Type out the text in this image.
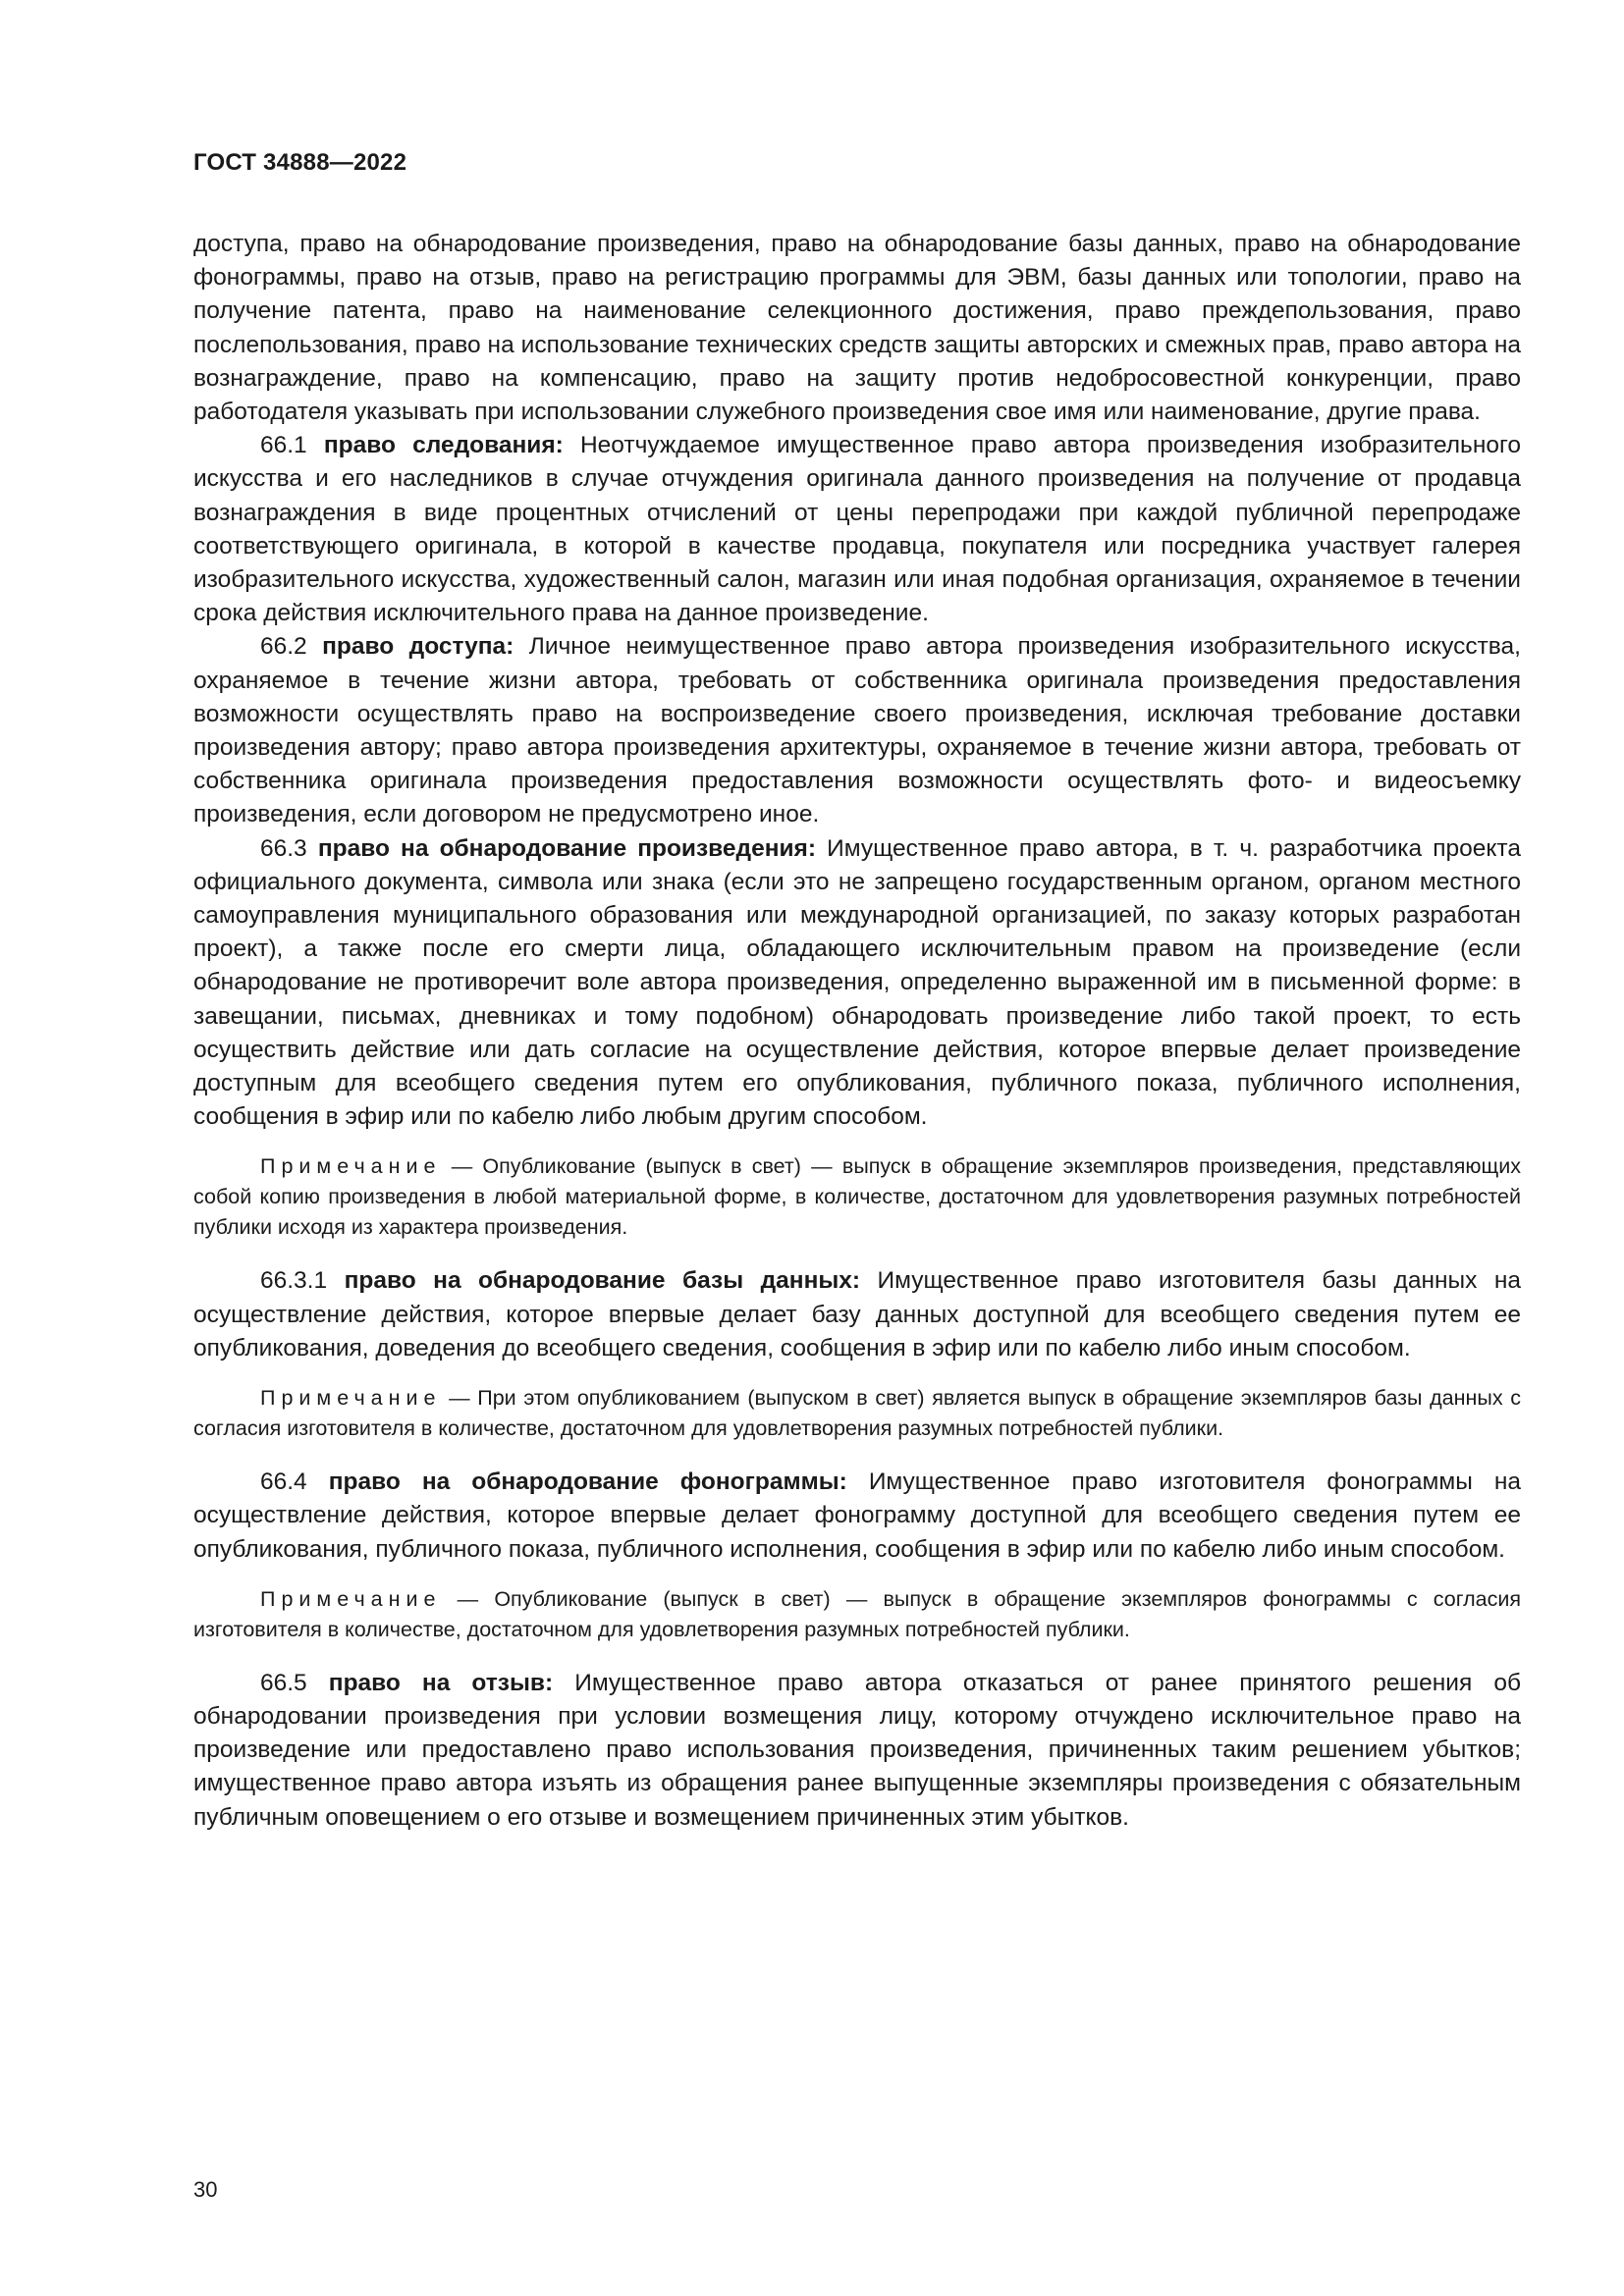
ГОСТ 34888—2022

доступа, право на обнародование произведения, право на обнародование базы данных, право на обнародование фонограммы, право на отзыв, право на регистрацию программы для ЭВМ, базы данных или топологии, право на получение патента, право на наименование селекционного достижения, право преждепользования, право послепользования, право на использование технических средств защиты авторских и смежных прав, право автора на вознаграждение, право на компенсацию, право на защиту против недобросовестной конкуренции, право работодателя указывать при использовании служебного произведения свое имя или наименование, другие права.

66.1 право следования: Неотчуждаемое имущественное право автора произведения изобразительного искусства и его наследников в случае отчуждения оригинала данного произведения на получение от продавца вознаграждения в виде процентных отчислений от цены перепродажи при каждой публичной перепродаже соответствующего оригинала, в которой в качестве продавца, покупателя или посредника участвует галерея изобразительного искусства, художественный салон, магазин или иная подобная организация, охраняемое в течении срока действия исключительного права на данное произведение.

66.2 право доступа: Личное неимущественное право автора произведения изобразительного искусства, охраняемое в течение жизни автора, требовать от собственника оригинала произведения предоставления возможности осуществлять право на воспроизведение своего произведения, исключая требование доставки произведения автору; право автора произведения архитектуры, охраняемое в течение жизни автора, требовать от собственника оригинала произведения предоставления возможности осуществлять фото- и видеосъемку произведения, если договором не предусмотрено иное.

66.3 право на обнародование произведения: Имущественное право автора, в т. ч. разработчика проекта официального документа, символа или знака (если это не запрещено государственным органом, органом местного самоуправления муниципального образования или международной организацией, по заказу которых разработан проект), а также после его смерти лица, обладающего исключительным правом на произведение (если обнародование не противоречит воле автора произведения, определенно выраженной им в письменной форме: в завещании, письмах, дневниках и тому подобном) обнародовать произведение либо такой проект, то есть осуществить действие или дать согласие на осуществление действия, которое впервые делает произведение доступным для всеобщего сведения путем его опубликования, публичного показа, публичного исполнения, сообщения в эфир или по кабелю либо любым другим способом.

Примечание — Опубликование (выпуск в свет) — выпуск в обращение экземпляров произведения, представляющих собой копию произведения в любой материальной форме, в количестве, достаточном для удовлетворения разумных потребностей публики исходя из характера произведения.

66.3.1 право на обнародование базы данных: Имущественное право изготовителя базы данных на осуществление действия, которое впервые делает базу данных доступной для всеобщего сведения путем ее опубликования, доведения до всеобщего сведения, сообщения в эфир или по кабелю либо иным способом.

Примечание — При этом опубликованием (выпуском в свет) является выпуск в обращение экземпляров базы данных с согласия изготовителя в количестве, достаточном для удовлетворения разумных потребностей публики.

66.4 право на обнародование фонограммы: Имущественное право изготовителя фонограммы на осуществление действия, которое впервые делает фонограмму доступной для всеобщего сведения путем ее опубликования, публичного показа, публичного исполнения, сообщения в эфир или по кабелю либо иным способом.

Примечание — Опубликование (выпуск в свет) — выпуск в обращение экземпляров фонограммы с согласия изготовителя в количестве, достаточном для удовлетворения разумных потребностей публики.

66.5 право на отзыв: Имущественное право автора отказаться от ранее принятого решения об обнародовании произведения при условии возмещения лицу, которому отчуждено исключительное право на произведение или предоставлено право использования произведения, причиненных таким решением убытков; имущественное право автора изъять из обращения ранее выпущенные экземпляры произведения с обязательным публичным оповещением о его отзыве и возмещением причиненных этим убытков.

30
